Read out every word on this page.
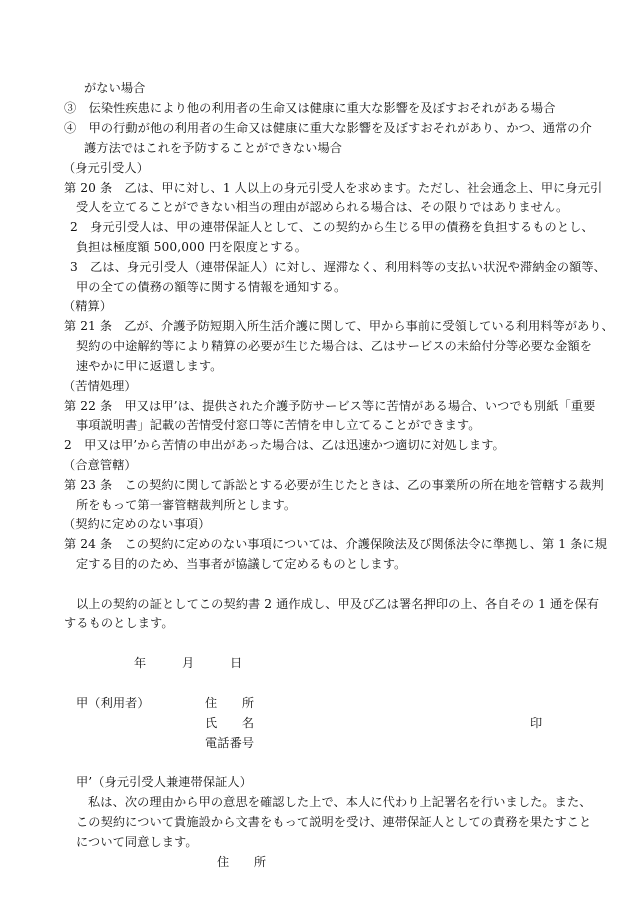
がない場合

③　伝染性疾患により他の利用者の生命又は健康に重大な影響を及ぼすおそれがある場合

④　甲の行動が他の利用者の生命又は健康に重大な影響を及ぼすおそれがあり、かつ、通常の介

護方法ではこれを予防することができない場合

（身元引受人）

第 20 条　乙は、甲に対し、1 人以上の身元引受人を求めます。ただし、社会通念上、甲に身元引

受人を立てることができない相当の理由が認められる場合は、その限りではありません。

2　身元引受人は、甲の連帯保証人として、この契約から生じる甲の債務を負担するものとし、

負担は極度額 500,000 円を限度とする。

3　乙は、身元引受人（連帯保証人）に対し、遅滞なく、利用料等の支払い状況や滞納金の額等、

甲の全ての債務の額等に関する情報を通知する。

（精算）

第 21 条　乙が、介護予防短期入所生活介護に関して、甲から事前に受領している利用料等があり、

契約の中途解約等により精算の必要が生じた場合は、乙はサービスの未給付分等必要な金額を

速やかに甲に返還します。

（苦情処理）

第 22 条　甲又は甲’は、提供された介護予防サービス等に苦情がある場合、いつでも別紙「重要

事項説明書」記載の苦情受付窓口等に苦情を申し立てることができます。

2　甲又は甲’から苦情の申出があった場合は、乙は迅速かつ適切に対処します。

（合意管轄）

第 23 条　この契約に関して訴訟とする必要が生じたときは、乙の事業所の所在地を管轄する裁判

所をもって第一審管轄裁判所とします。

（契約に定めのない事項）

第 24 条　この契約に定めのない事項については、介護保険法及び関係法令に準拠し、第 1 条に規

定する目的のため、当事者が協議して定めるものとします。

以上の契約の証としてこの契約書 2 通作成し、甲及び乙は署名押印の上、各自その 1 通を保有

するものとします。

年	月	日

甲（利用者）	住　　所

氏　　名	印

電話番号

甲’（身元引受人兼連帯保証人）

私は、次の理由から甲の意思を確認した上で、本人に代わり上記署名を行いました。また、

この契約について貴施設から文書をもって説明を受け、連帯保証人としての責務を果たすこと

について同意します。

住　　所
